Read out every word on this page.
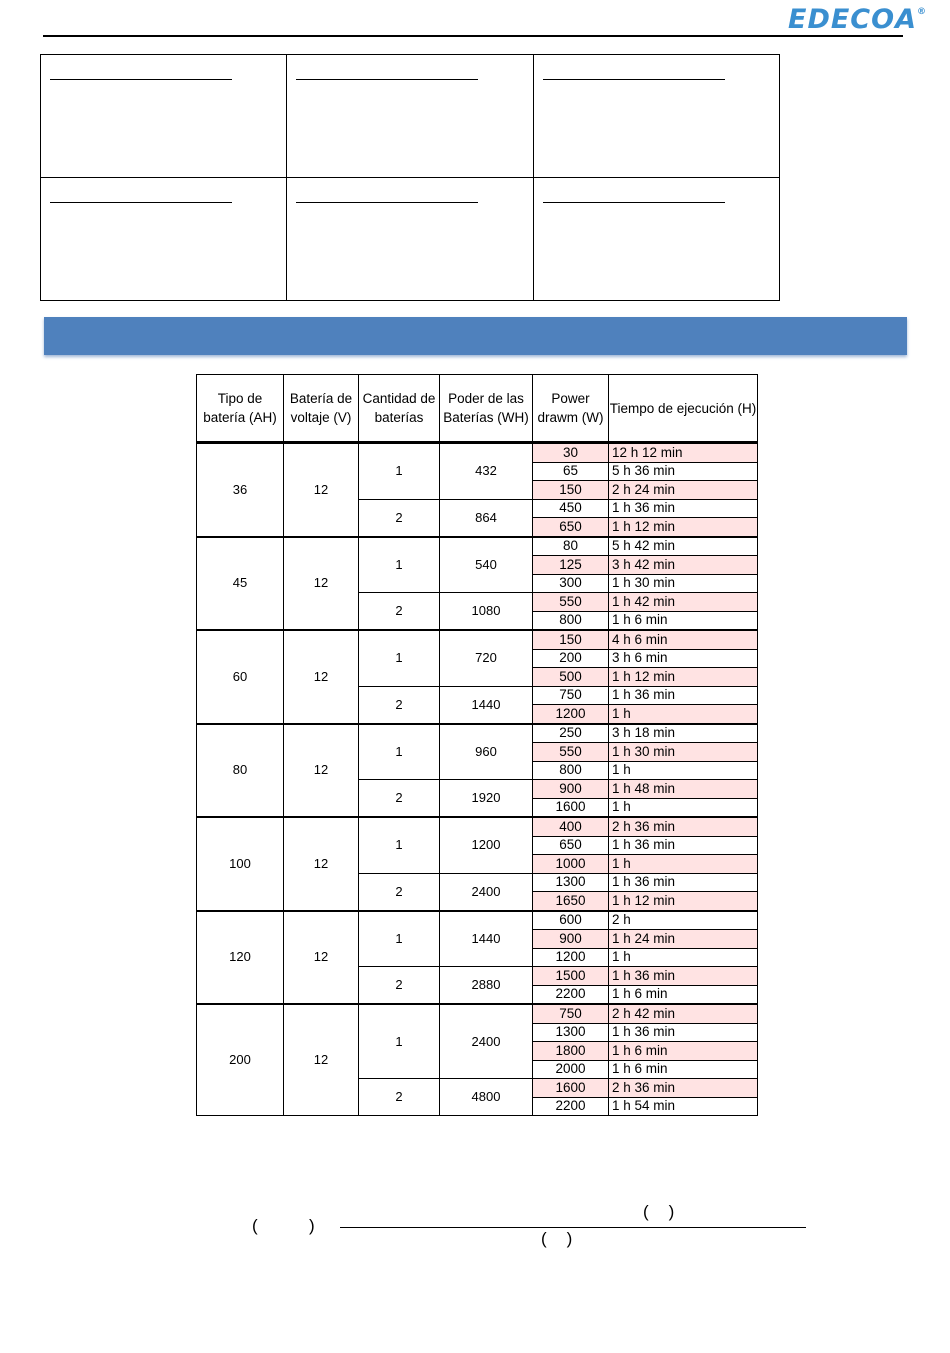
EDECOA®

Tipo de batería (AH)	Batería de voltaje (V)	Cantidad de baterías	Poder de las Baterías (WH)	Power drawm (W)	Tiempo de ejecución (H)
36	12	1	432	30	12 h 12 min
				65	5 h 36 min
				150	2 h 24 min
		2	864	450	1 h 36 min
				650	1 h 12 min
45	12	1	540	80	5 h 42 min
				125	3 h 42 min
				300	1 h 30 min
		2	1080	550	1 h 42 min
				800	1 h 6 min
60	12	1	720	150	4 h 6 min
				200	3 h 6 min
				500	1 h 12 min
		2	1440	750	1 h 36 min
				1200	1 h
80	12	1	960	250	3 h 18 min
				550	1 h 30 min
				800	1 h
		2	1920	900	1 h 48 min
				1600	1 h
100	12	1	1200	400	2 h 36 min
				650	1 h 36 min
				1000	1 h
		2	2400	1300	1 h 36 min
				1650	1 h 12 min
120	12	1	1440	600	2 h
				900	1 h 24 min
				1200	1 h
		2	2880	1500	1 h 36 min
				2200	1 h 6 min
200	12	1	2400	750	2 h 42 min
				1300	1 h 36 min
				1800	1 h 6 min
				2000	1 h 6 min
		2	4800	1600	2 h 36 min
				2200	1 h 54 min
(	)
()
()
